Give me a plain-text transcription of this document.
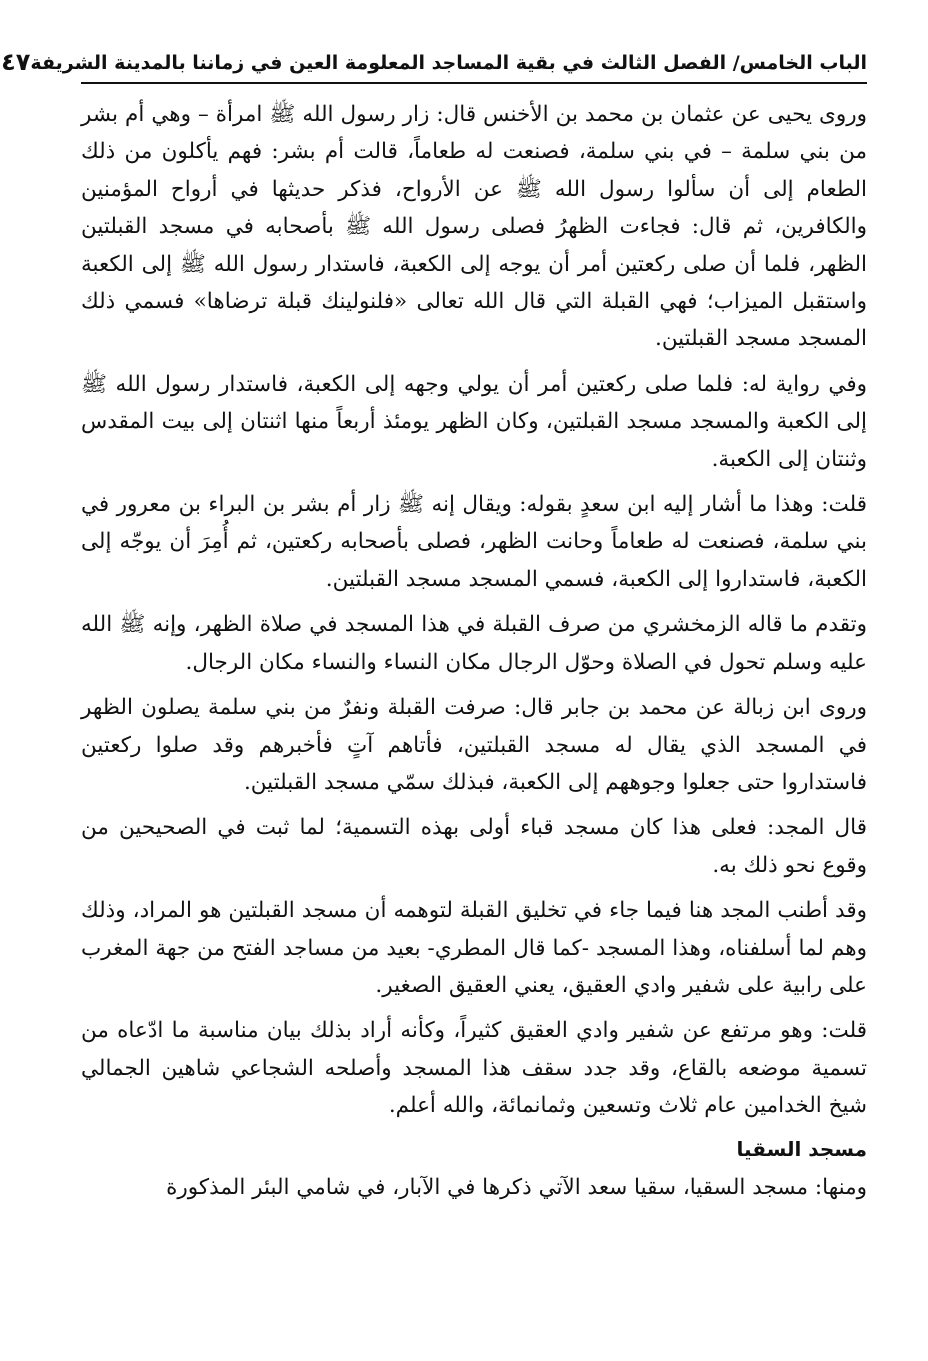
الباب الخامس/ الفصل الثالث في بقية المساجد المعلومة العين في زماننا بالمدينة الشريفة
٤٧

وروى يحيى عن عثمان بن محمد بن الأخنس قال: زار رسول الله ﷺ امرأة – وهي أم بشر من بني سلمة – في بني سلمة، فصنعت له طعاماً، قالت أم بشر: فهم يأكلون من ذلك الطعام إلى أن سألوا رسول الله ﷺ عن الأرواح، فذكر حديثها في أرواح المؤمنين والكافرين، ثم قال: فجاءت الظهرُ فصلى رسول الله ﷺ بأصحابه في مسجد القبلتين الظهر، فلما أن صلى ركعتين أمر أن يوجه إلى الكعبة، فاستدار رسول الله ﷺ إلى الكعبة واستقبل الميزاب؛ فهي القبلة التي قال الله تعالى «فلنولينك قبلة ترضاها» فسمي ذلك المسجد مسجد القبلتين.

وفي رواية له: فلما صلى ركعتين أمر أن يولي وجهه إلى الكعبة، فاستدار رسول الله ﷺ إلى الكعبة والمسجد مسجد القبلتين، وكان الظهر يومئذ أربعاً منها اثنتان إلى بيت المقدس وثنتان إلى الكعبة.

قلت: وهذا ما أشار إليه ابن سعدٍ بقوله: ويقال إنه ﷺ زار أم بشر بن البراء بن معرور في بني سلمة، فصنعت له طعاماً وحانت الظهر، فصلى بأصحابه ركعتين، ثم أُمِرَ أن يوجّه إلى الكعبة، فاستداروا إلى الكعبة، فسمي المسجد مسجد القبلتين.

وتقدم ما قاله الزمخشري من صرف القبلة في هذا المسجد في صلاة الظهر، وإنه ﷺ الله عليه وسلم تحول في الصلاة وحوّل الرجال مكان النساء والنساء مكان الرجال.

وروى ابن زبالة عن محمد بن جابر قال: صرفت القبلة ونفرٌ من بني سلمة يصلون الظهر في المسجد الذي يقال له مسجد القبلتين، فأتاهم آتٍ فأخبرهم وقد صلوا ركعتين فاستداروا حتى جعلوا وجوههم إلى الكعبة، فبذلك سمّي مسجد القبلتين.

قال المجد: فعلى هذا كان مسجد قباء أولى بهذه التسمية؛ لما ثبت في الصحيحين من وقوع نحو ذلك به.

وقد أطنب المجد هنا فيما جاء في تخليق القبلة لتوهمه أن مسجد القبلتين هو المراد، وذلك وهم لما أسلفناه، وهذا المسجد -كما قال المطري- بعيد من مساجد الفتح من جهة المغرب على رابية على شفير وادي العقيق، يعني العقيق الصغير.

قلت: وهو مرتفع عن شفير وادي العقيق كثيراً، وكأنه أراد بذلك بيان مناسبة ما ادّعاه من تسمية موضعه بالقاع، وقد جدد سقف هذا المسجد وأصلحه الشجاعي شاهين الجمالي شيخ الخدامين عام ثلاث وتسعين وثمانمائة، والله أعلم.

مسجد السقيا

ومنها: مسجد السقيا، سقيا سعد الآتي ذكرها في الآبار، في شامي البئر المذكورة
